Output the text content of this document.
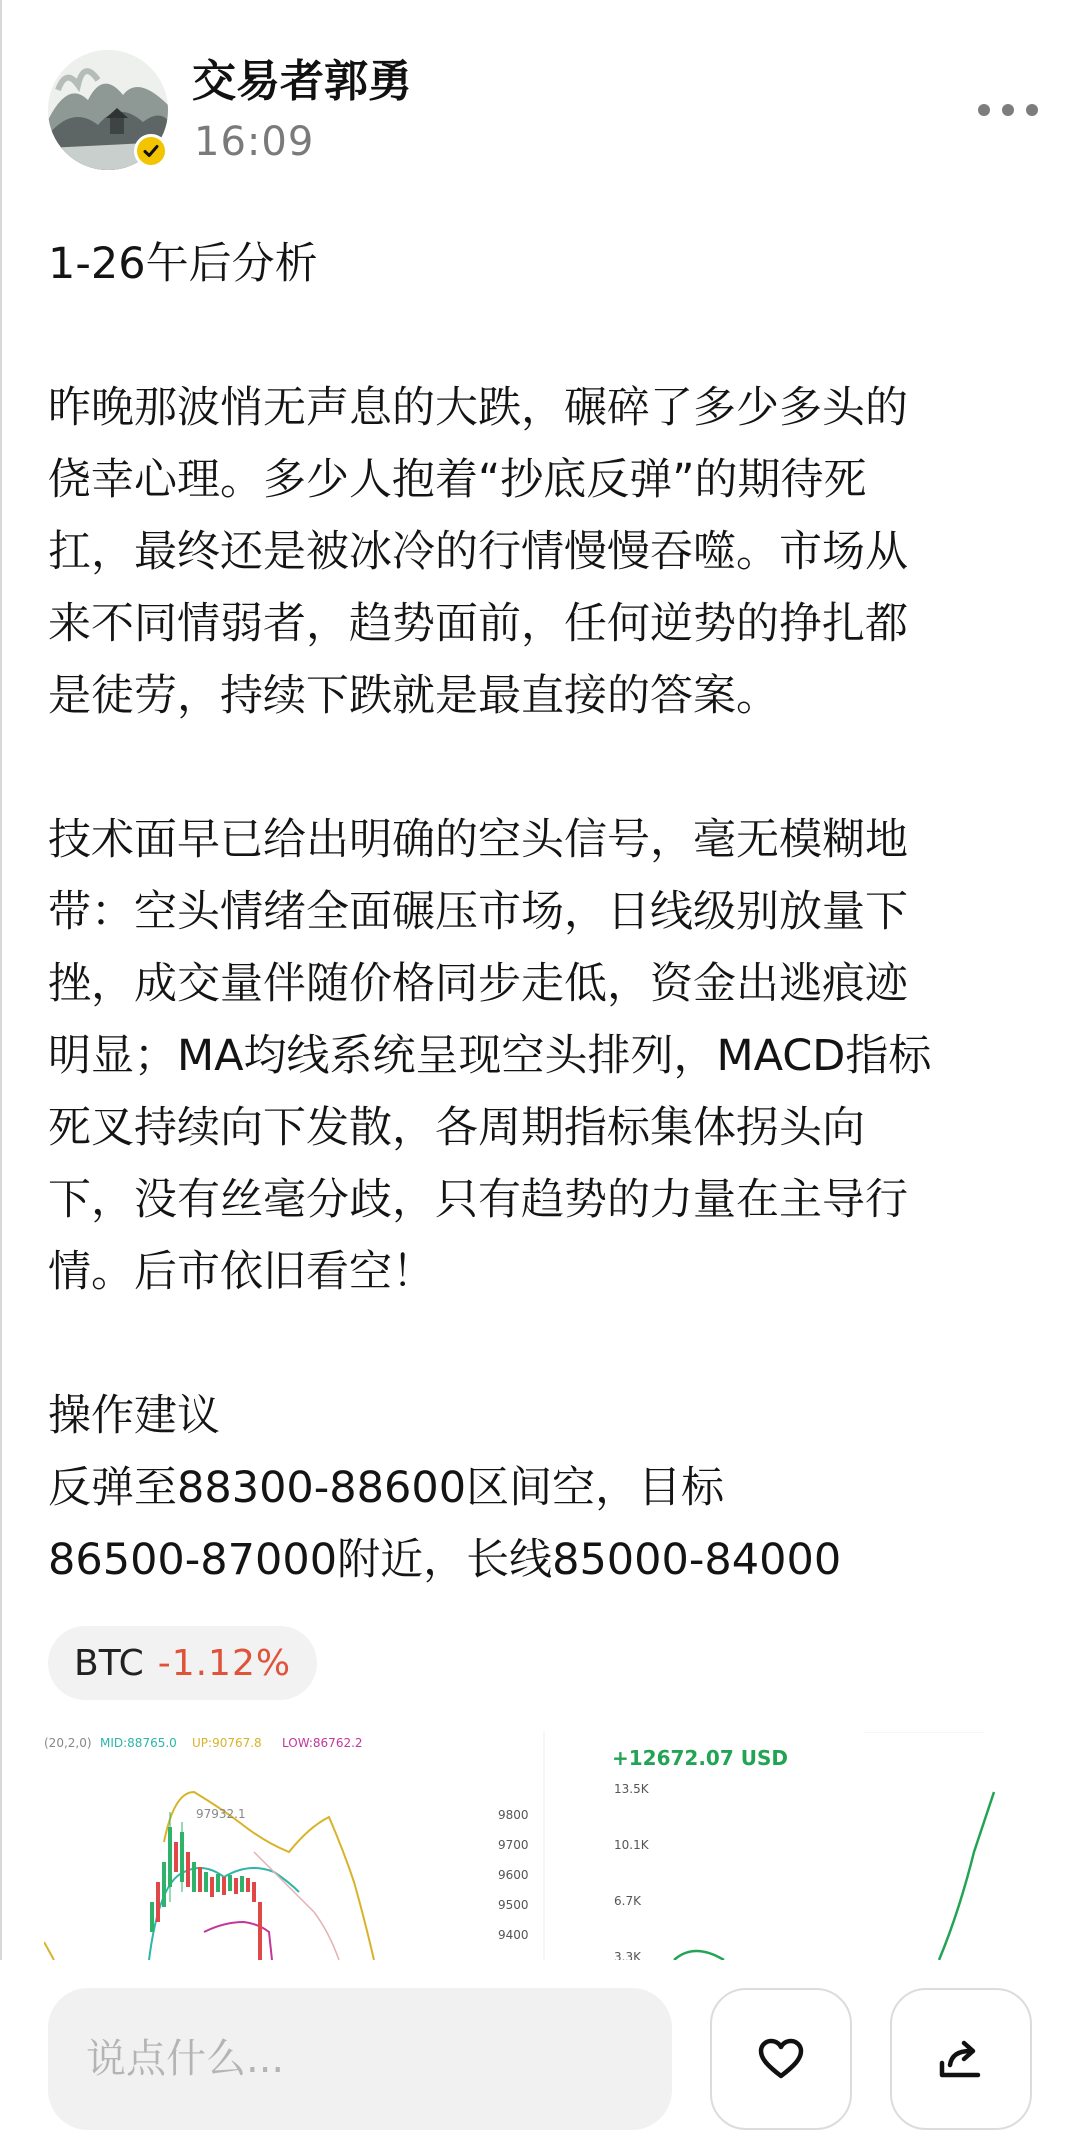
交易者郭勇
16:09
1-26午后分析
昨晚那波悄无声息的大跌，碾碎了多少多头的
侥幸心理。多少人抱着“抄底反弹”的期待死
扛，最终还是被冰冷的行情慢慢吞噬。市场从
来不同情弱者，趋势面前，任何逆势的挣扎都
是徒劳，持续下跌就是最直接的答案。
技术面早已给出明确的空头信号，毫无模糊地
带：空头情绪全面碾压市场，日线级别放量下
挫，成交量伴随价格同步走低，资金出逃痕迹
明显；MA均线系统呈现空头排列，MACD指标
死叉持续向下发散，各周期指标集体拐头向
下，没有丝毫分歧，只有趋势的力量在主导行
情。后市依旧看空！
操作建议
反弹至88300-88600区间空，目标
86500-87000附近，长线85000-84000
BTC -1.12%
(20,2,0) MID:88765.0 UP:90767.8 LOW:86762.2
97932.1
+12672.07 USD
9800
9700
9600
9500
9400
13.5K
10.1K
6.7K
3.3K
说点什么...
